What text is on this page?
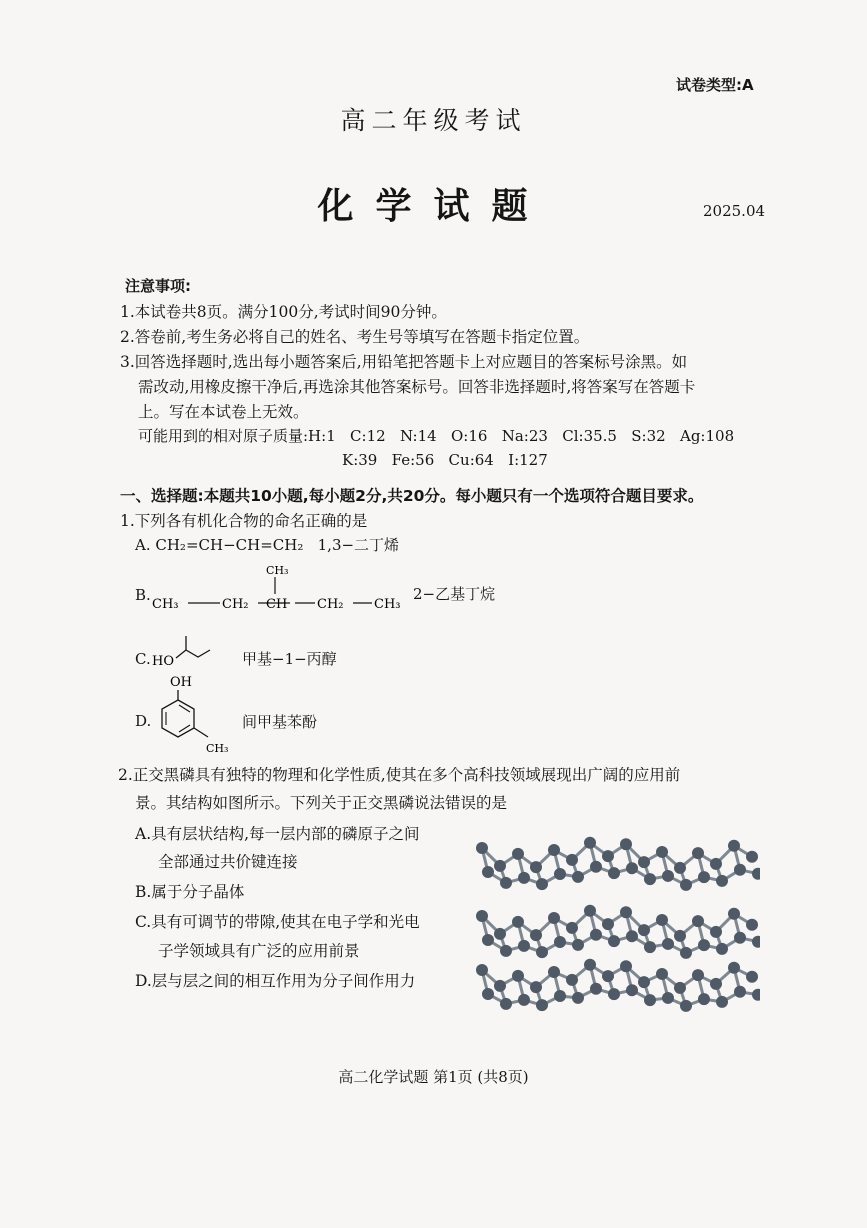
试卷类型:A
高二年级考试
化学试题	2025.04
注意事项:
1.本试卷共8页。满分100分,考试时间90分钟。
2.答卷前,考生务必将自己的姓名、考生号等填写在答题卡指定位置。
3.回答选择题时,选出每小题答案后,用铅笔把答题卡上对应题目的答案标号涂黑。如
需改动,用橡皮擦干净后,再选涂其他答案标号。回答非选择题时,将答案写在答题卡
上。写在本试卷上无效。
可能用到的相对原子质量:H:1   C:12   N:14   O:16   Na:23   Cl:35.5   S:32   Ag:108
K:39   Fe:56   Cu:64   I:127
一、选择题:本题共10小题,每小题2分,共20分。每小题只有一个选项符合题目要求。
1.下列各有机化合物的命名正确的是
A. CH₂=CH−CH=CH₂   1,3−二丁烯
B.
CH₃	CH₂ CH CH₂ CH₃
CH₃
2−乙基丁烷
C. HO	甲基−1−丙醇
D.
OH
CH₃
间甲基苯酚
2.正交黑磷具有独特的物理和化学性质,使其在多个高科技领域展现出广阔的应用前
景。其结构如图所示。下列关于正交黑磷说法错误的是
A.具有层状结构,每一层内部的磷原子之间
全部通过共价键连接
B.属于分子晶体
C.具有可调节的带隙,使其在电子学和光电
子学领域具有广泛的应用前景
D.层与层之间的相互作用为分子间作用力
高二化学试题 第1页 (共8页)
